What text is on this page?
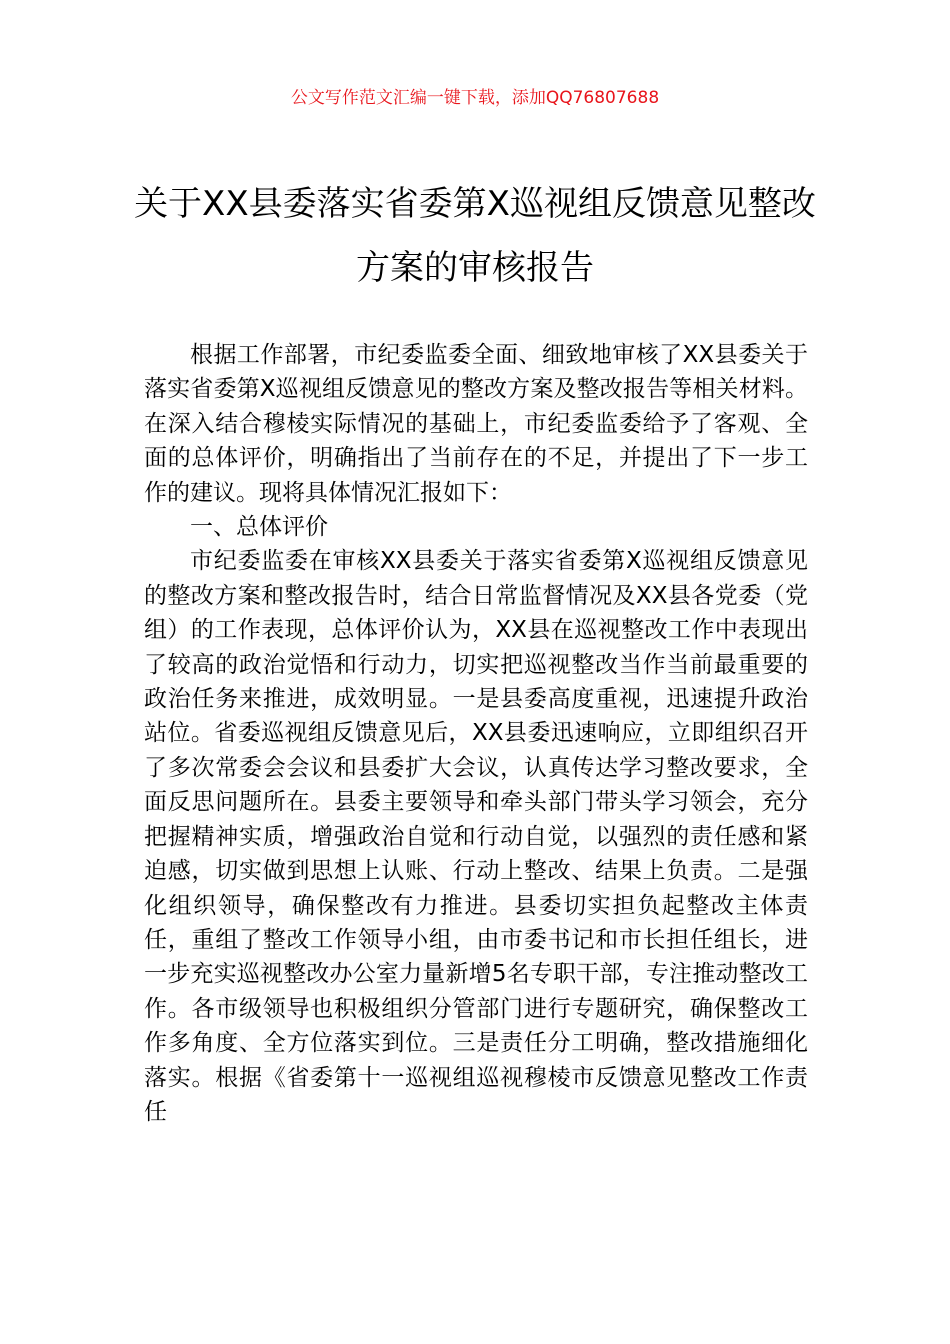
公文写作范文汇编一键下载，添加QQ76807688
关于XX县委落实省委第X巡视组反馈意见整改方案的审核报告

根据工作部署，市纪委监委全面、细致地审核了XX县委关于落实省委第X巡视组反馈意见的整改方案及整改报告等相关材料。在深入结合穆棱实际情况的基础上，市纪委监委给予了客观、全面的总体评价，明确指出了当前存在的不足，并提出了下一步工作的建议。现将具体情况汇报如下：

一、总体评价

市纪委监委在审核XX县委关于落实省委第X巡视组反馈意见的整改方案和整改报告时，结合日常监督情况及XX县各党委（党组）的工作表现，总体评价认为，XX县在巡视整改工作中表现出了较高的政治觉悟和行动力，切实把巡视整改当作当前最重要的政治任务来推进，成效明显。一是县委高度重视，迅速提升政治站位。省委巡视组反馈意见后，XX县委迅速响应，立即组织召开了多次常委会会议和县委扩大会议，认真传达学习整改要求，全面反思问题所在。县委主要领导和牵头部门带头学习领会，充分把握精神实质，增强政治自觉和行动自觉，以强烈的责任感和紧迫感，切实做到思想上认账、行动上整改、结果上负责。二是强化组织领导，确保整改有力推进。县委切实担负起整改主体责任，重组了整改工作领导小组，由市委书记和市长担任组长，进一步充实巡视整改办公室力量新增5名专职干部，专注推动整改工作。各市级领导也积极组织分管部门进行专题研究，确保整改工作多角度、全方位落实到位。三是责任分工明确，整改措施细化落实。根据《省委第十一巡视组巡视穆棱市反馈意见整改工作责任
